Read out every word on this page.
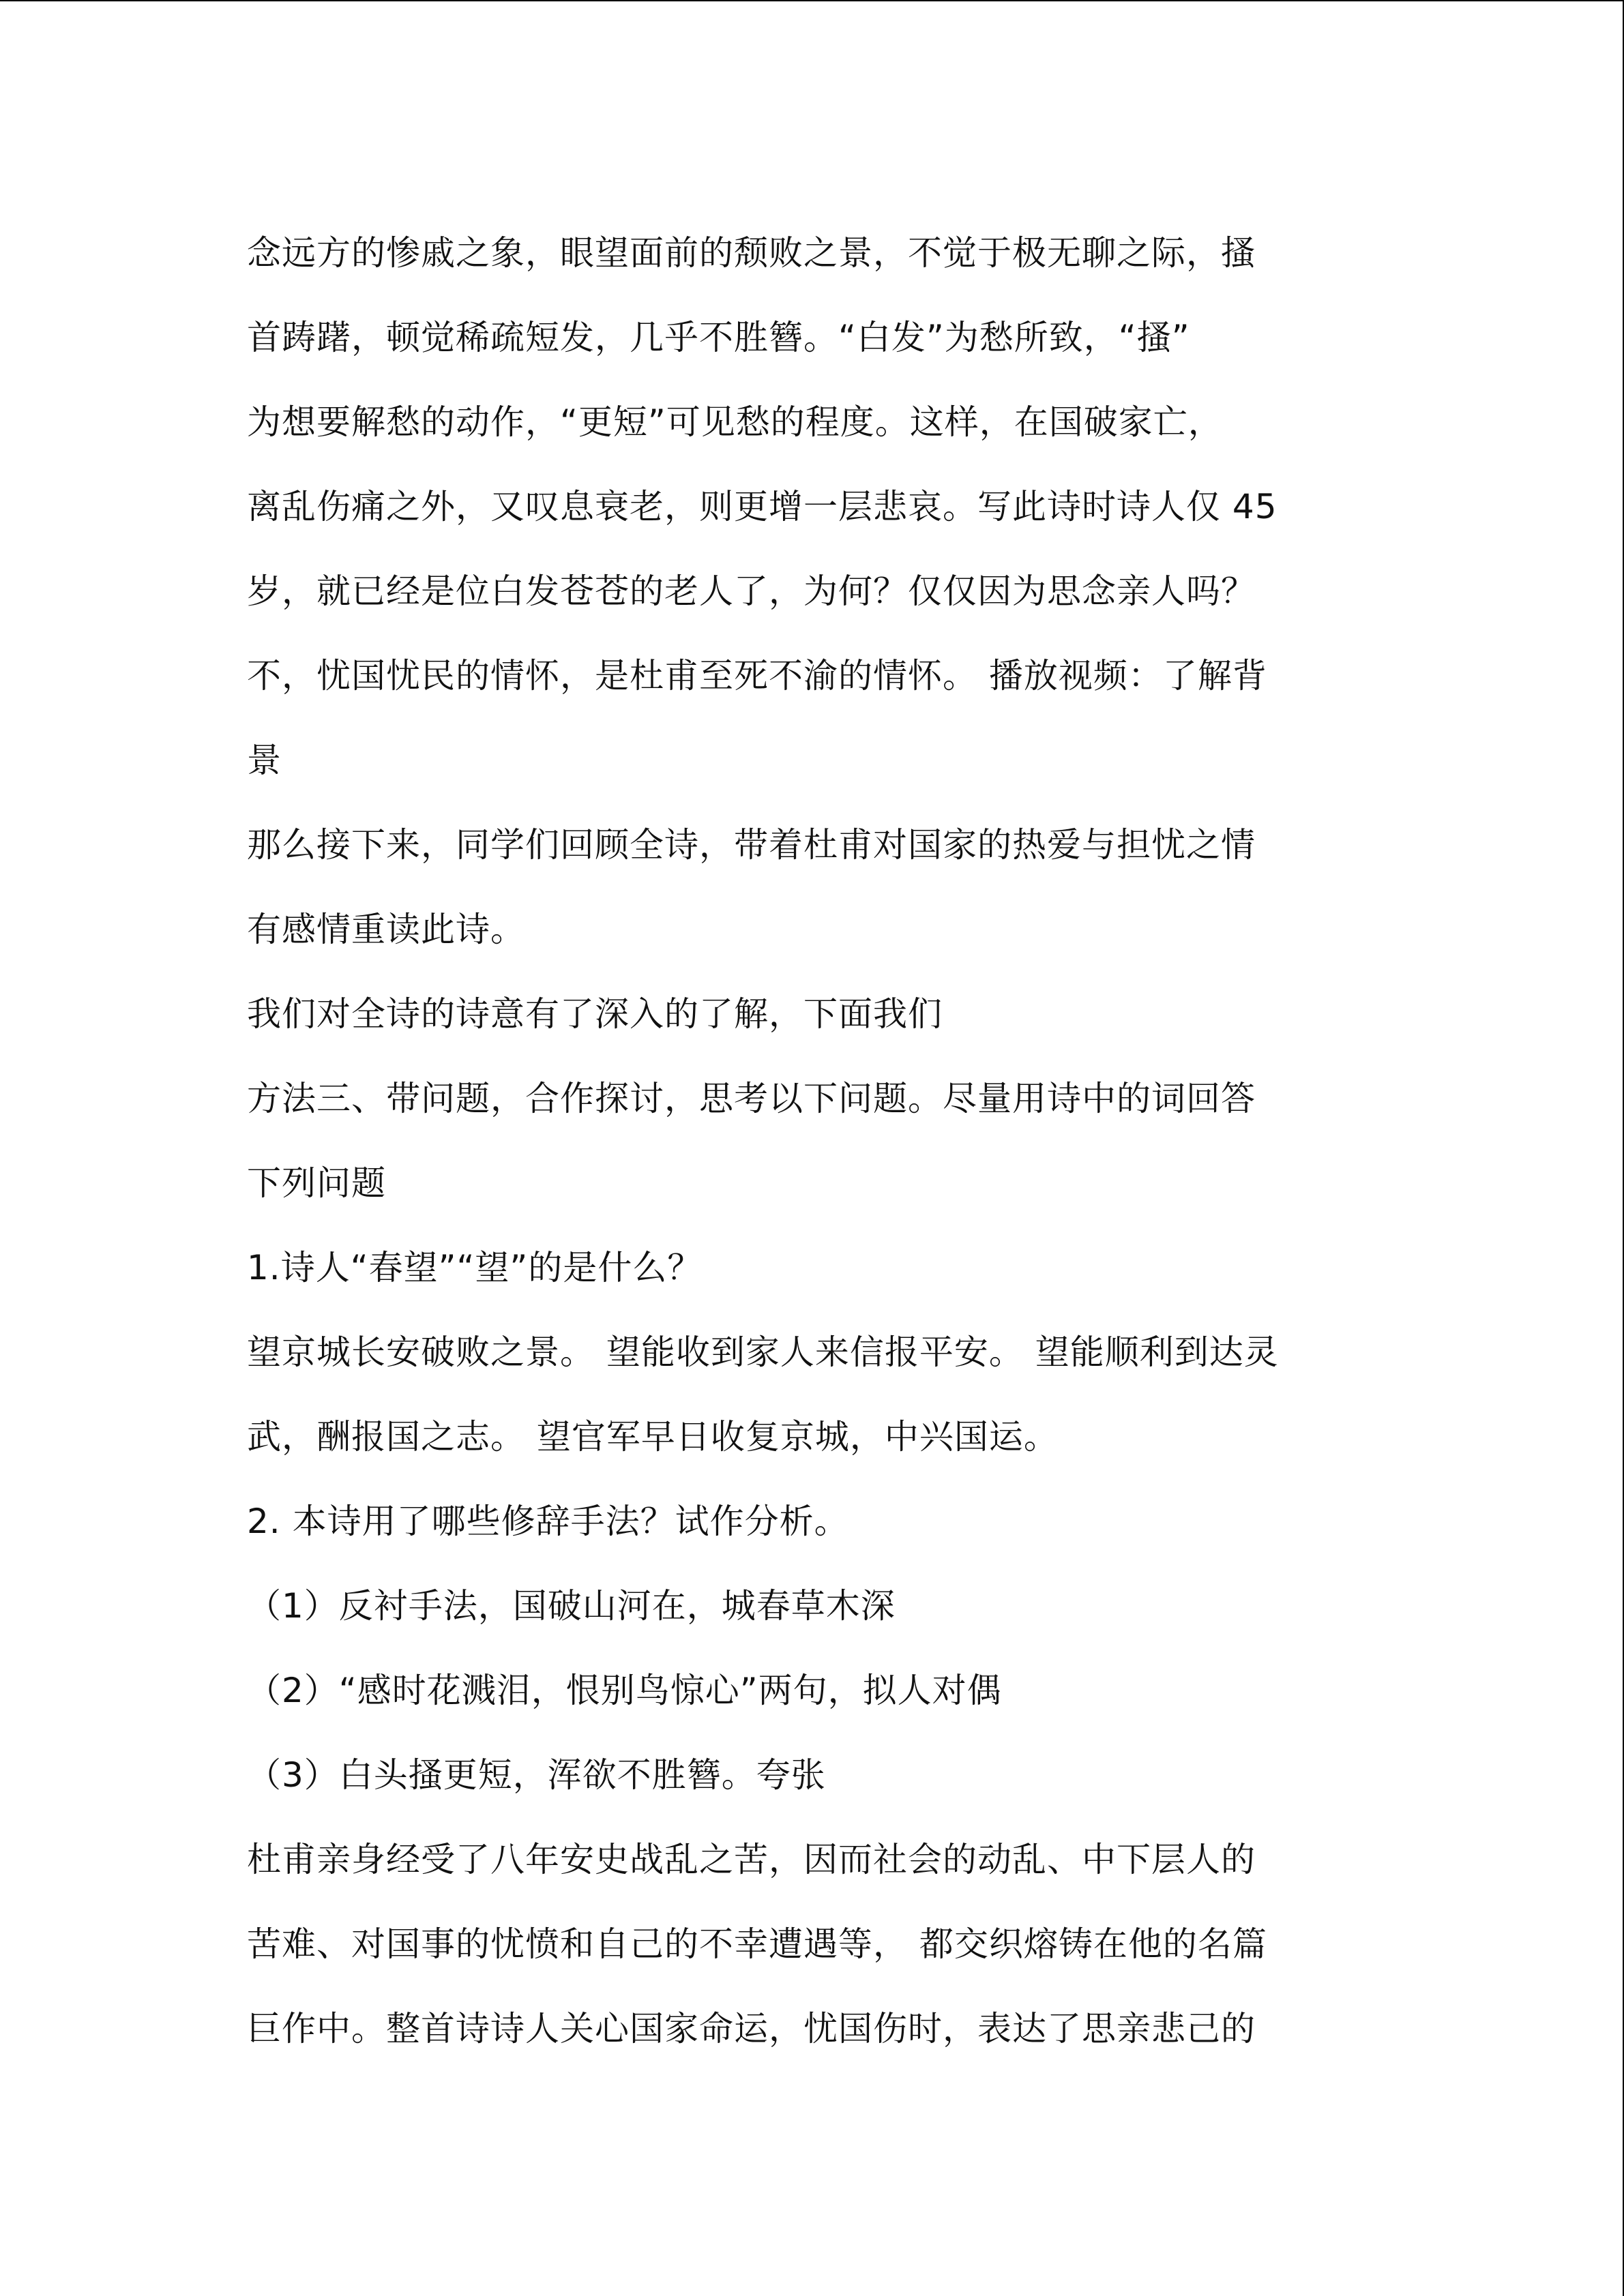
念远方的惨戚之象，眼望面前的颓败之景，不觉于极无聊之际，搔
首踌躇，顿觉稀疏短发，几乎不胜簪。“白发”为愁所致，“搔”
为想要解愁的动作，“更短”可见愁的程度。这样，在国破家亡，
离乱伤痛之外，又叹息衰老，则更增一层悲哀。写此诗时诗人仅 45
岁，就已经是位白发苍苍的老人了，为何？仅仅因为思念亲人吗？
不，忧国忧民的情怀，是杜甫至死不渝的情怀。 播放视频：了解背
景
那么接下来，同学们回顾全诗，带着杜甫对国家的热爱与担忧之情
有感情重读此诗。
我们对全诗的诗意有了深入的了解，下面我们
方法三、带问题，合作探讨，思考以下问题。尽量用诗中的词回答
下列问题
1.诗人“春望”“望”的是什么？
望京城长安破败之景。 望能收到家人来信报平安。 望能顺利到达灵
武，酬报国之志。 望官军早日收复京城，中兴国运。
2. 本诗用了哪些修辞手法？试作分析。
（1）反衬手法，国破山河在，城春草木深
（2）“感时花溅泪，恨别鸟惊心”两句，拟人对偶
（3）白头搔更短，浑欲不胜簪。夸张
杜甫亲身经受了八年安史战乱之苦，因而社会的动乱、中下层人的
苦难、对国事的忧愤和自己的不幸遭遇等， 都交织熔铸在他的名篇
巨作中。整首诗诗人关心国家命运，忧国伤时，表达了思亲悲己的
